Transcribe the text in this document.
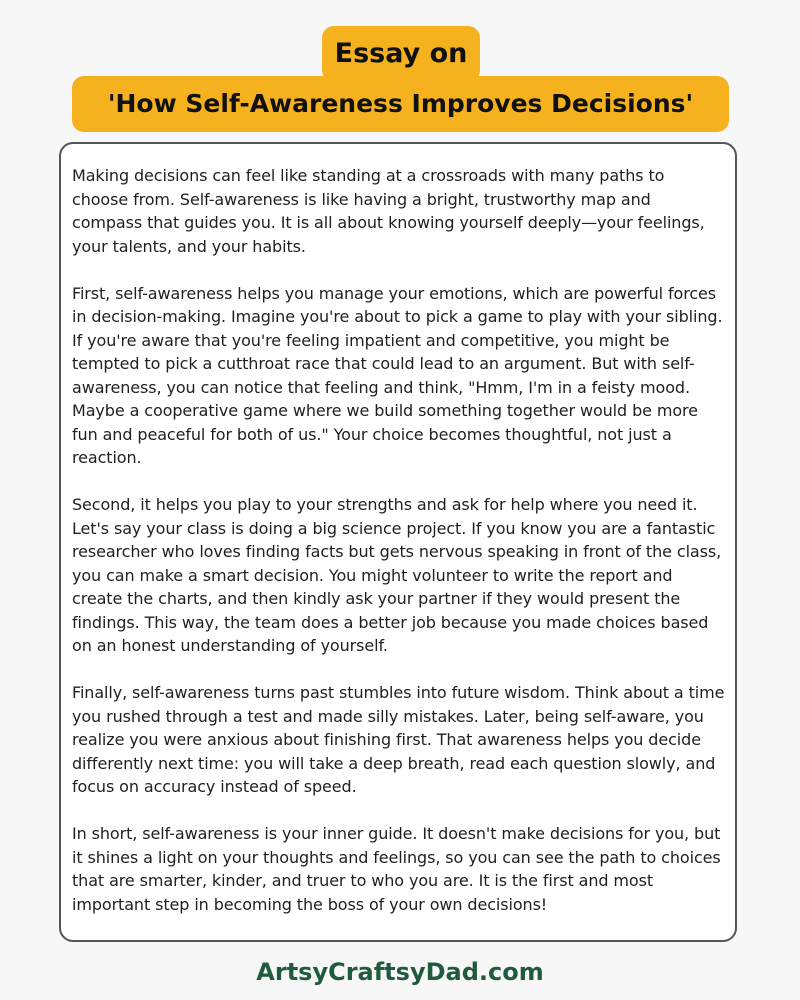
Essay on
'How Self-Awareness Improves Decisions'

Making decisions can feel like standing at a crossroads with many paths to choose from. Self-awareness is like having a bright, trustworthy map and compass that guides you. It is all about knowing yourself deeply—your feelings, your talents, and your habits.

First, self-awareness helps you manage your emotions, which are powerful forces in decision-making. Imagine you're about to pick a game to play with your sibling. If you're aware that you're feeling impatient and competitive, you might be tempted to pick a cutthroat race that could lead to an argument. But with self-awareness, you can notice that feeling and think, "Hmm, I'm in a feisty mood. Maybe a cooperative game where we build something together would be more fun and peaceful for both of us." Your choice becomes thoughtful, not just a reaction.

Second, it helps you play to your strengths and ask for help where you need it. Let's say your class is doing a big science project. If you know you are a fantastic researcher who loves finding facts but gets nervous speaking in front of the class, you can make a smart decision. You might volunteer to write the report and create the charts, and then kindly ask your partner if they would present the findings. This way, the team does a better job because you made choices based on an honest understanding of yourself.

Finally, self-awareness turns past stumbles into future wisdom. Think about a time you rushed through a test and made silly mistakes. Later, being self-aware, you realize you were anxious about finishing first. That awareness helps you decide differently next time: you will take a deep breath, read each question slowly, and focus on accuracy instead of speed.

In short, self-awareness is your inner guide. It doesn't make decisions for you, but it shines a light on your thoughts and feelings, so you can see the path to choices that are smarter, kinder, and truer to who you are. It is the first and most important step in becoming the boss of your own decisions!

ArtsyCraftsyDad.com
